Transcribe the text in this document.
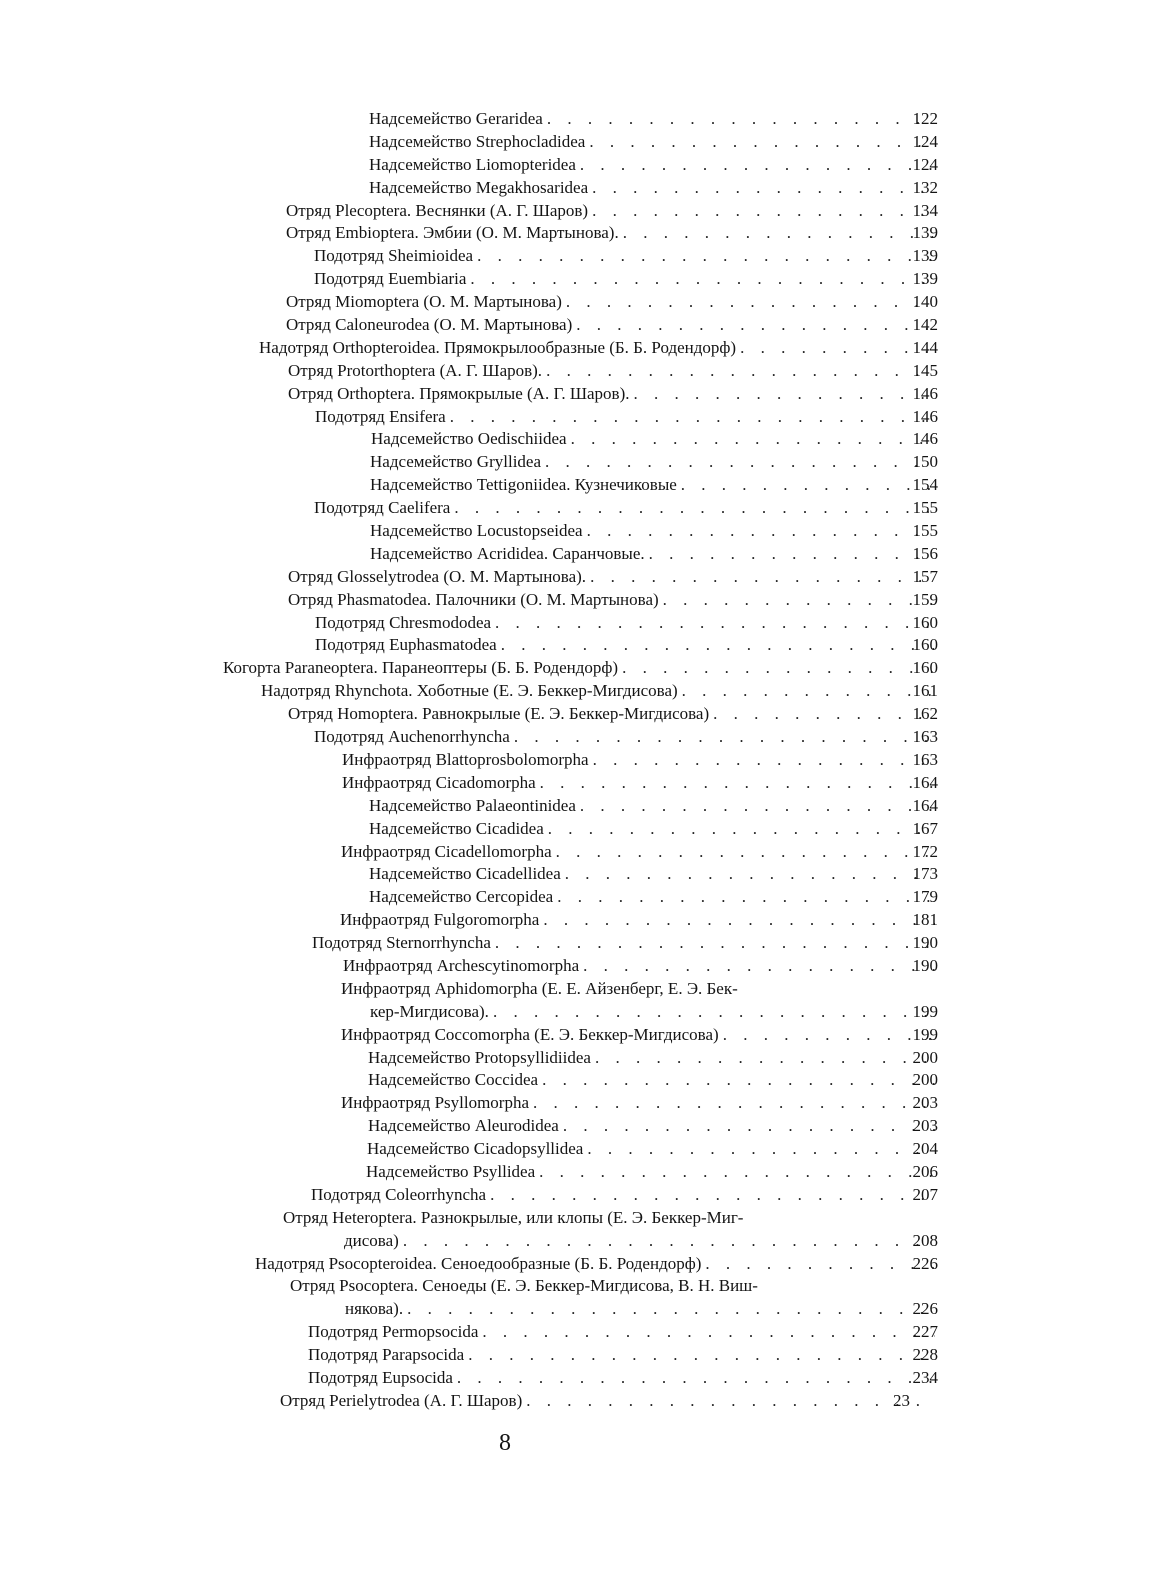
Надсемейство Geraridea . . .	122
Надсемейство Strephocladidea . . .	124
Надсемейство Liomopteridea . . .	124
Надсемейство Megakhosaridea . . .	132
Отряд Plecoptera. Веснянки (А. Г. Шаров) . . .	134
Отряд Embioptera. Эмбии (О. М. Мартынова). . . .	139
Подотряд Sheimioidea . . .	139
Подотряд Euembiaria . . .	139
Отряд Miomoptera (О. М. Мартынова) . . .	140
Отряд Caloneurodea (О. М. Мартынова) . . .	142
Надотряд Orthopteroidea. Прямокрылообразные (Б. Б. Родендорф) . . .	144
Отряд Protorthoptera (А. Г. Шаров). . . .	145
Отряд Orthoptera. Прямокрылые (А. Г. Шаров). . . .	146
Подотряд Ensifera . . .	146
Надсемейство Oedischiidea . . .	146
Надсемейство Gryllidea . . .	150
Надсемейство Tettigoniidea. Кузнечиковые . . .	154
Подотряд Caelifera . . .	155
Надсемейство Locustopseidea . . .	155
Надсемейство Acrididea. Саранчовые. . . .	156
Отряд Glosselytrodea (О. М. Мартынова). . . .	157
Отряд Phasmatodea. Палочники (О. М. Мартынова) . . .	159
Подотряд Chresmododea . . .	160
Подотряд Euphasmatodea . . .	160
Когорта Paraneoptera. Паранеоптеры (Б. Б. Родендорф) . . .	160
Надотряд Rhynchota. Хоботные (Е. Э. Беккер-Мигдисова) . . .	161
Отряд Homoptera. Равнокрылые (Е. Э. Беккер-Мигдисова) . . .	162
Подотряд Auchenorrhyncha . . .	163
Инфраотряд Blattoprosbolomorpha . . .	163
Инфраотряд Cicadomorpha . . .	164
Надсемейство Palaeontinidea . . .	164
Надсемейство Cicadidea . . .	167
Инфраотряд Cicadellomorpha . . .	172
Надсемейство Cicadellidea . . .	173
Надсемейство Cercopidea . . .	179
Инфраотряд Fulgoromorpha . . .	181
Подотряд Sternorrhyncha . . .	190
Инфраотряд Archescytinomorpha . . .	190
Инфраотряд Aphidomorpha (Е. Е. Айзенберг, Е. Э. Бек-
кер-Мигдисова). . . .	199
Инфраотряд Coccomorpha (Е. Э. Беккер-Мигдисова) . . .	199
Надсемейство Protopsyllidiidea . . .	200
Надсемейство Coccidea . . .	200
Инфраотряд Psyllomorpha . . .	203
Надсемейство Aleurodidea . . .	203
Надсемейство Cicadopsyllidea . . .	204
Надсемейство Psyllidea . . .	206
Подотряд Coleorrhyncha . . .	207
Отряд Heteroptera. Разнокрылые, или клопы (Е. Э. Беккер-Миг-
дисова) . . .	208
Надотряд Psocopteroidea. Сеноедообразные (Б. Б. Родендорф) . . .	226
Отряд Psocoptera. Сеноеды (Е. Э. Беккер-Мигдисова, В. Н. Виш-
някова). . . .	226
Подотряд Permopsocida . . .	227
Подотряд Parapsocida . . .	228
Подотряд Eupsocida . . .	234
Отряд Perielytrodea (А. Г. Шаров) . . .	23
8
